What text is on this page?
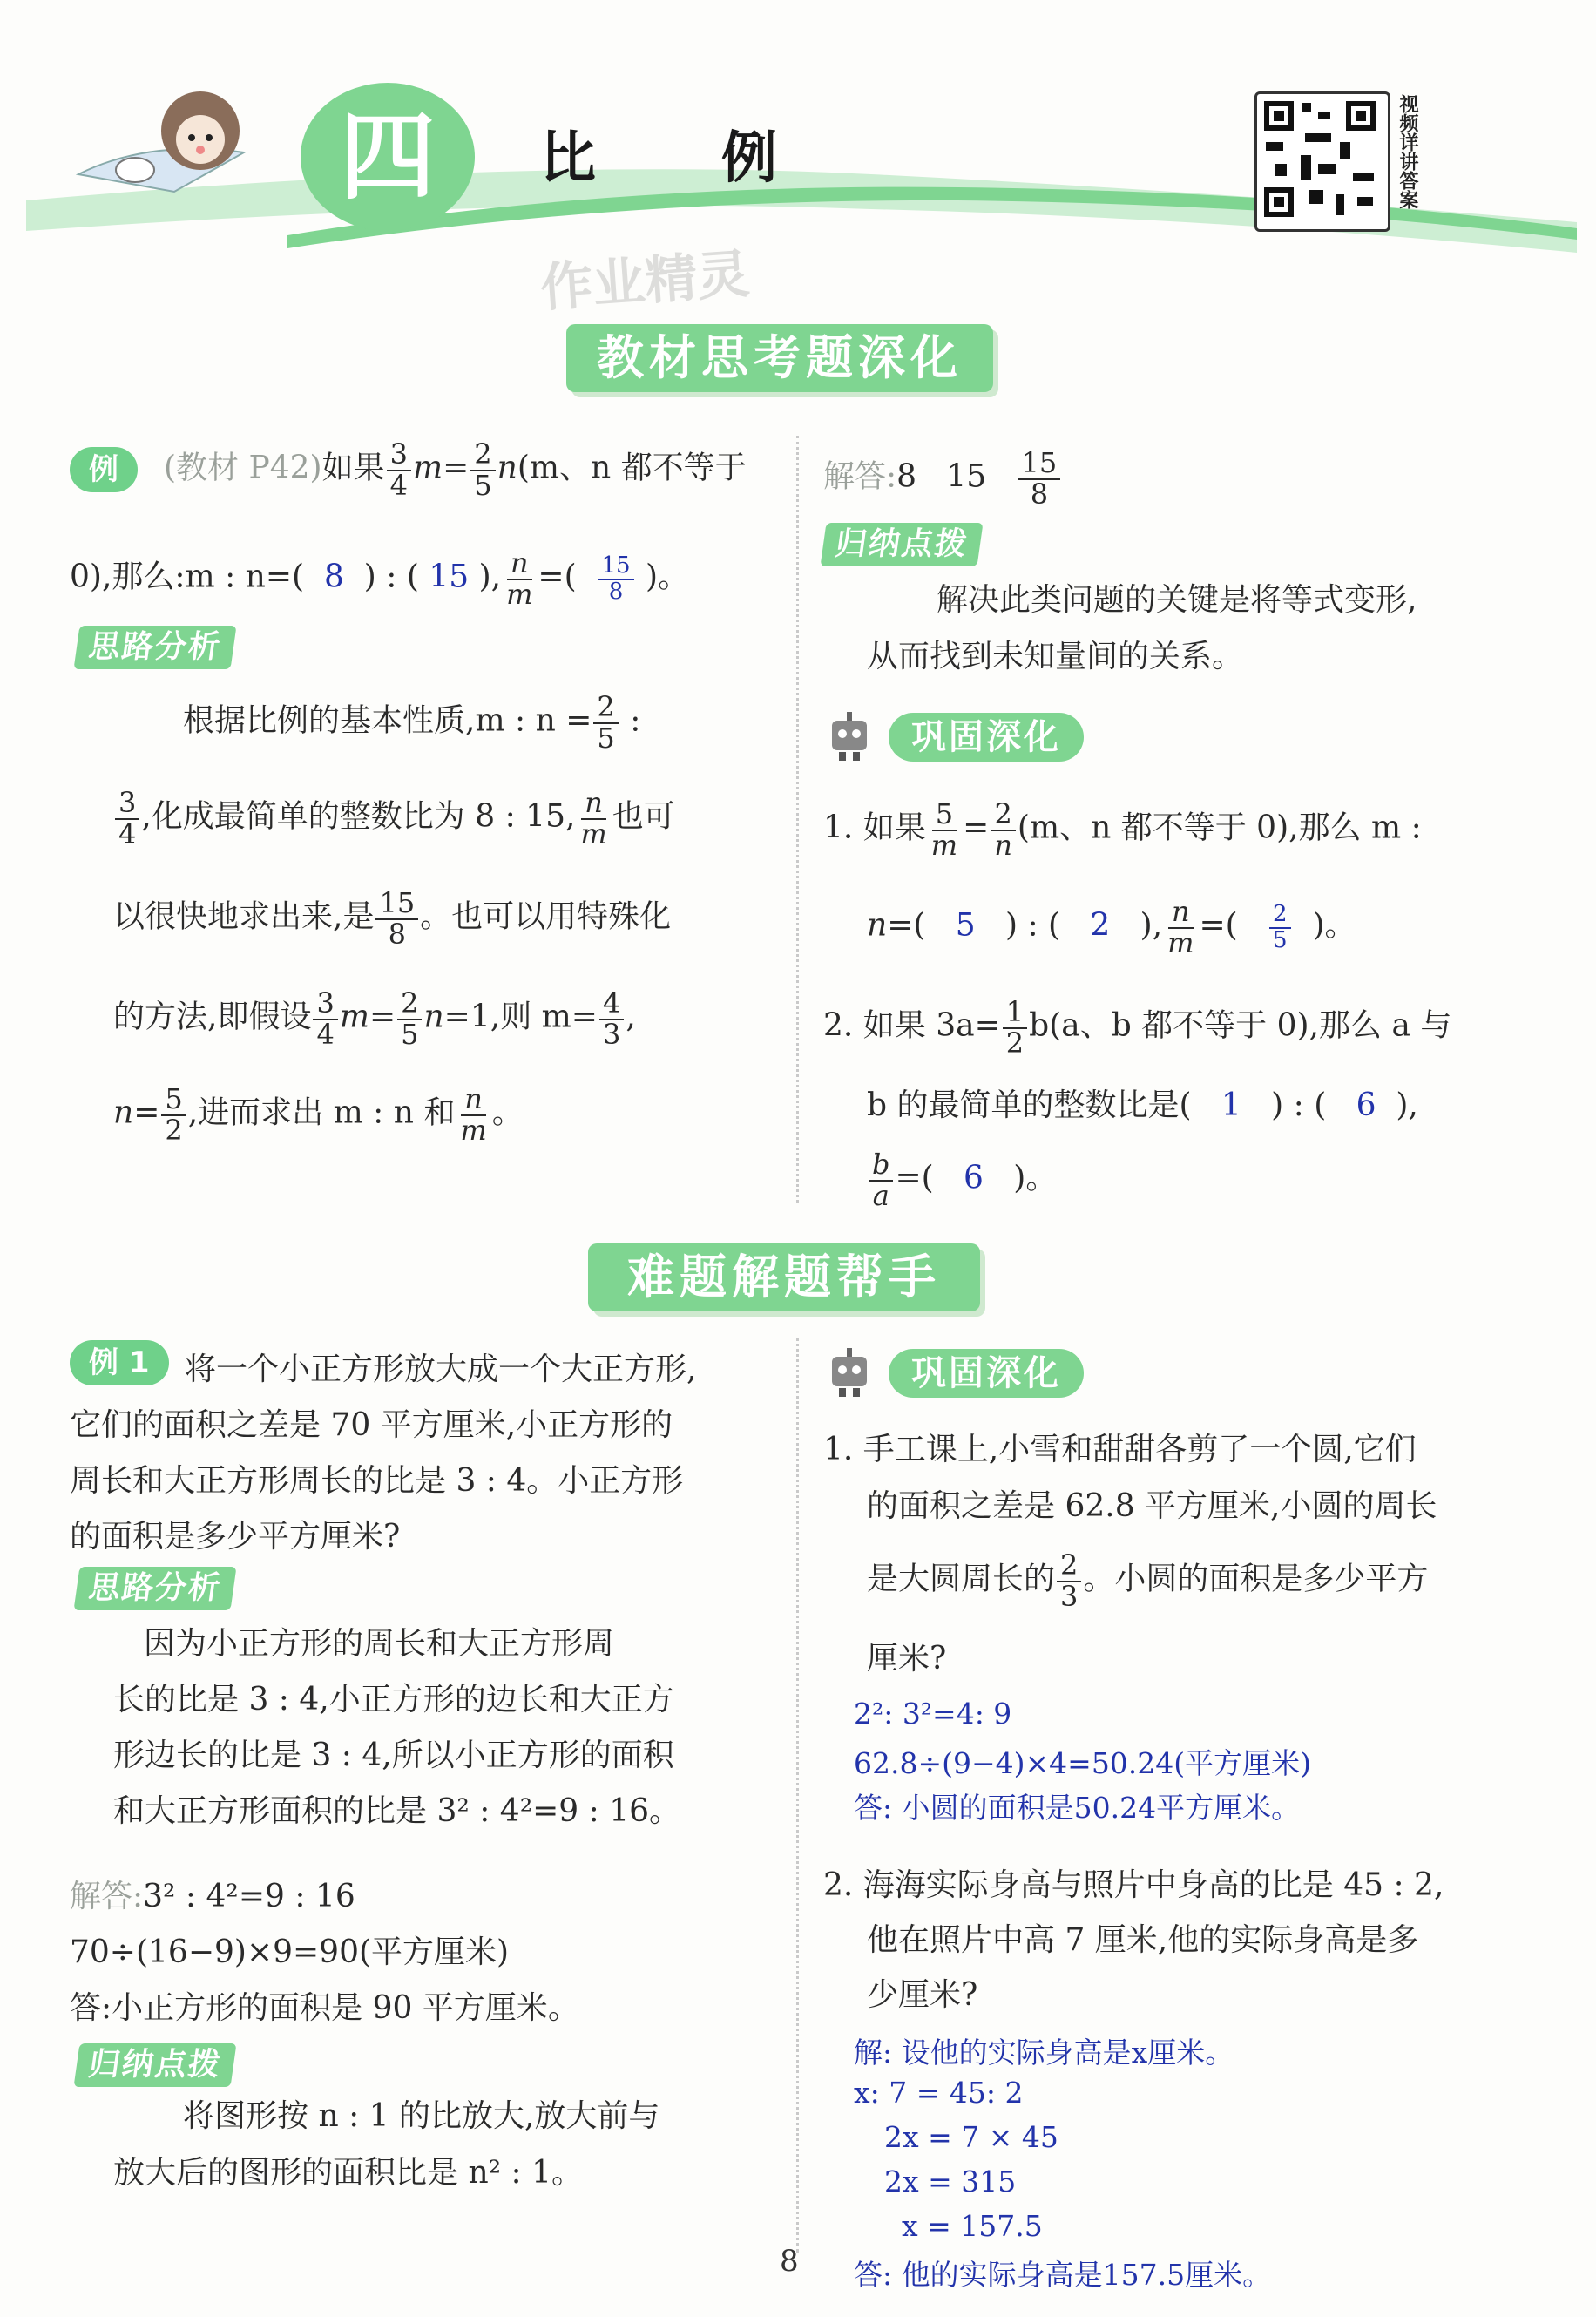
四 比　例	视频详讲答案
作业精灵
教材思考题深化
例	(教材 P42)如果 $\frac{3}{4} m= \frac{2}{5} n(m$、n 都不等于
0),那么:m : n=( 8  ) : ( 15 ), $\frac{n}{m}$ =( $\frac{15}{8}$ )。
思路分析
根据比例的基本性质,m : $n = \frac{2}{5}$ :
$\frac{3}{4}$ ,化成最简单的整数比为 8 : 15, $\frac{n}{m}$ 也可
以很快地求出来,是 $\frac{15}{8}$ 。也可以用特殊化
的方法,即假设 $\frac{3}{4} m= \frac{2}{5} n=1$,则 $m= \frac{4}{3}$ ,
$n= \frac{5}{2}$ ,进而求出 m : n 和 $\frac{n}{m}$ 。
解答:8 $15 \frac{15}{8}$
归纳点拨
解决此类问题的关键是将等式变形,
从而找到未知量间的关系。
巩固深化
1. 如果 $\frac{5}{m} = \frac{2}{n} (m$、n 都不等于 0),那么 m :
n=(   5   ) : (   2   ), $\frac{n}{m}$ =( $\frac{2}{5}$ )。
2. 如果 $3a= \frac{1}{2} b(a$、b 都不等于 0),那么 a 与
b 的最简单的整数比是( 1   ) : (   6  ),
$\frac{b}{a}$ =(   6   )。
难题解题帮手
例 1	将一个小正方形放大成一个大正方形,
它们的面积之差是 70 平方厘米,小正方形的
周长和大正方形周长的比是 3 : 4。小正方形
的面积是多少平方厘米?
思路分析
因为小正方形的周长和大正方形周
长的比是 3 : 4,小正方形的边长和大正方
形边长的比是 3 : 4,所以小正方形的面积
和大正方形面积的比是 3² : 4²=9 : 16。
解答:3² : 4²=9 : 16
70÷(16−9)×9=90(平方厘米)
答:小正方形的面积是 90 平方厘米。
归纳点拨
将图形按 n : 1 的比放大,放大前与
放大后的图形的面积比是 n² : 1。
巩固深化
1. 手工课上,小雪和甜甜各剪了一个圆,它们
的面积之差是 62.8 平方厘米,小圆的周长
是大圆周长的 $\frac{2}{3}$ 。小圆的面积是多少平方
厘米?
2²: 3²=4: 9
62.8÷(9−4)×4=50.24(平方厘米)
答: 小圆的面积是50.24平方厘米。
2. 海海实际身高与照片中身高的比是 45 : 2,
他在照片中高 7 厘米,他的实际身高是多
少厘米?
解: 设他的实际身高是x厘米。
x: 7 = 45: 2
2x = 7 × 45
2x = 315
x = 157.5
答: 他的实际身高是157.5厘米。
8
